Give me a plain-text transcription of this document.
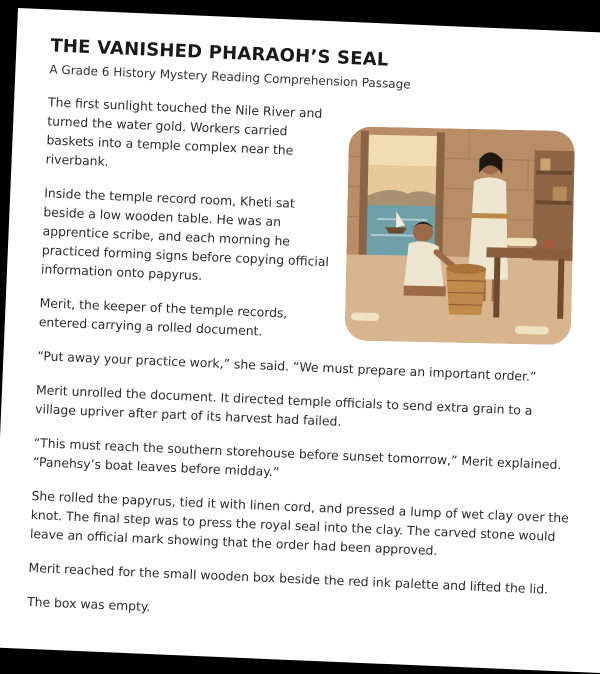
THE VANISHED PHARAOH’S SEAL
A Grade 6 History Mystery Reading Comprehension Passage

The first sunlight touched the Nile River and turned the water gold. Workers carried baskets into a temple complex near the riverbank.

Inside the temple record room, Kheti sat beside a low wooden table. He was an apprentice scribe, and each morning he practiced forming signs before copying official information onto papyrus.

Merit, the keeper of the temple records, entered carrying a rolled document.

“Put away your practice work,” she said. “We must prepare an important order.”

Merit unrolled the document. It directed temple officials to send extra grain to a village upriver after part of its harvest had failed.

“This must reach the southern storehouse before sunset tomorrow,” Merit explained. “Panehsy’s boat leaves before midday.”

She rolled the papyrus, tied it with linen cord, and pressed a lump of wet clay over the knot. The final step was to press the royal seal into the clay. The carved stone would leave an official mark showing that the order had been approved.

Merit reached for the small wooden box beside the red ink palette and lifted the lid.

The box was empty.
